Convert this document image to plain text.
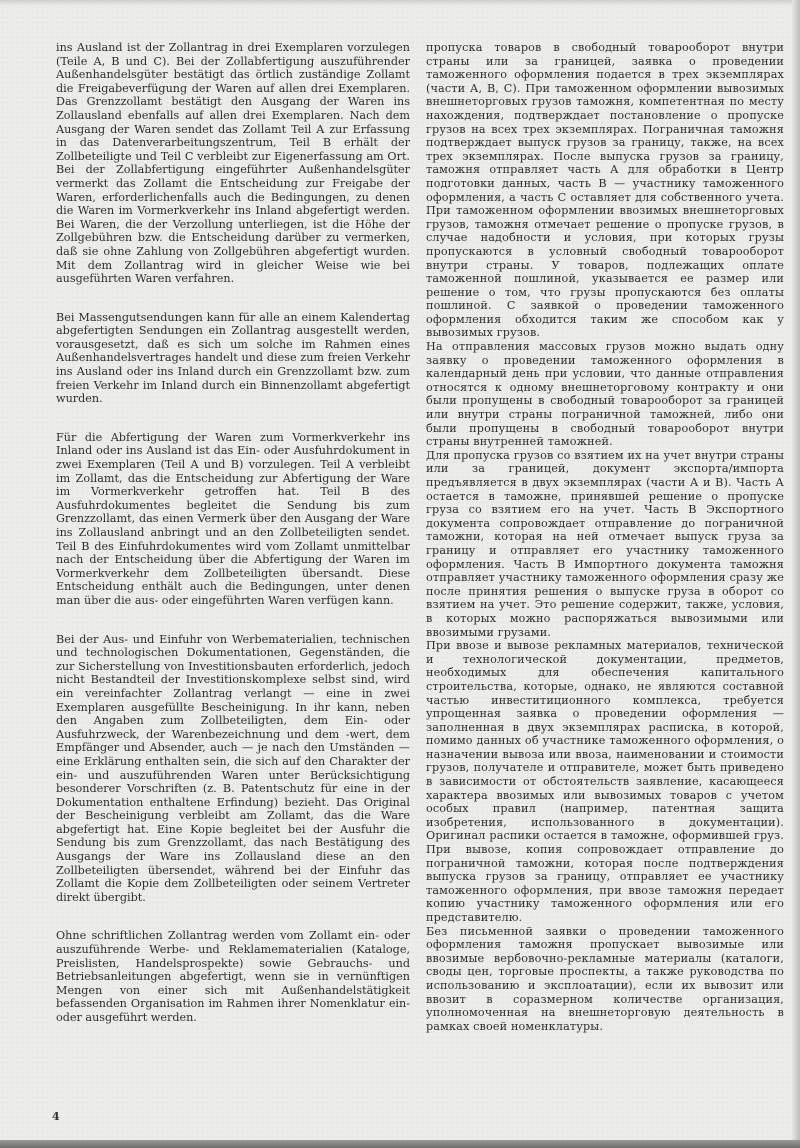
ins Ausland ist der Zollantrag in drei Exemplaren vorzulegen (Teile A, B und C). Bei der Zollabfertigung auszuführender Außenhandelsgüter bestätigt das örtlich zuständige Zollamt die Freigabeverfügung der Waren auf allen drei Exemplaren. Das Grenzzollamt bestätigt den Ausgang der Waren ins Zollausland ebenfalls auf allen drei Exemplaren. Nach dem Ausgang der Waren sendet das Zollamt Teil A zur Erfassung in das Datenverarbeitungszentrum, Teil B erhält der Zollbeteiligte und Teil C verbleibt zur Eigenerfassung am Ort. Bei der Zollabfertigung eingeführter Außenhandelsgüter vermerkt das Zollamt die Entscheidung zur Freigabe der Waren, erforderlichenfalls auch die Bedingungen, zu denen die Waren im Vormerkverkehr ins Inland abgefertigt werden. Bei Waren, die der Verzollung unterliegen, ist die Höhe der Zollgebühren bzw. die Entscheidung darüber zu vermerken, daß sie ohne Zahlung von Zollgebühren abgefertigt wurden. Mit dem Zollantrag wird in gleicher Weise wie bei ausgeführten Waren verfahren.

Bei Massengutsendungen kann für alle an einem Kalendertag abgefertigten Sendungen ein Zollantrag ausgestellt werden, vorausgesetzt, daß es sich um solche im Rahmen eines Außenhandelsvertrages handelt und diese zum freien Verkehr ins Ausland oder ins Inland durch ein Grenzzollamt bzw. zum freien Verkehr im Inland durch ein Binnenzollamt abgefertigt wurden.

Für die Abfertigung der Waren zum Vormerkverkehr ins Inland oder ins Ausland ist das Ein- oder Ausfuhrdokument in zwei Exemplaren (Teil A und B) vorzulegen. Teil A verbleibt im Zollamt, das die Entscheidung zur Abfertigung der Ware im Vormerkverkehr getroffen hat. Teil B des Ausfuhrdokumentes begleitet die Sendung bis zum Grenzzollamt, das einen Vermerk über den Ausgang der Ware ins Zollausland anbringt und an den Zollbeteiligten sendet. Teil B des Einfuhrdokumentes wird vom Zollamt unmittelbar nach der Entscheidung über die Abfertigung der Waren im Vormerkverkehr dem Zollbeteiligten übersandt. Diese Entscheidung enthält auch die Bedingungen, unter denen man über die aus- oder eingeführten Waren verfügen kann.

Bei der Aus- und Einfuhr von Werbematerialien, technischen und technologischen Dokumentationen, Gegenständen, die zur Sicherstellung von Investitionsbauten erforderlich, jedoch nicht Bestandteil der Investitionskomplexe selbst sind, wird ein vereinfachter Zollantrag verlangt — eine in zwei Exemplaren ausgefüllte Bescheinigung. In ihr kann, neben den Angaben zum Zollbeteiligten, dem Ein- oder Ausfuhrzweck, der Warenbezeichnung und dem -wert, dem Empfänger und Absender, auch — je nach den Umständen — eine Erklärung enthalten sein, die sich auf den Charakter der ein- und auszuführenden Waren unter Berücksichtigung besonderer Vorschriften (z. B. Patentschutz für eine in der Dokumentation enthaltene Erfindung) bezieht. Das Original der Bescheinigung verbleibt am Zollamt, das die Ware abgefertigt hat. Eine Kopie begleitet bei der Ausfuhr die Sendung bis zum Grenzzollamt, das nach Bestätigung des Ausgangs der Ware ins Zollausland diese an den Zollbeteiligten übersendet, während bei der Einfuhr das Zollamt die Kopie dem Zollbeteiligten oder seinem Vertreter direkt übergibt.

Ohne schriftlichen Zollantrag werden vom Zollamt ein- oder auszuführende Werbe- und Reklamematerialien (Kataloge, Preislisten, Handelsprospekte) sowie Gebrauchs- und Betriebsanleitungen abgefertigt, wenn sie in vernünftigen Mengen von einer sich mit Außenhandelstätigkeit befassenden Organisation im Rahmen ihrer Nomenklatur ein- oder ausgeführt werden.

пропуска товаров в свободный товарооборот внутри страны или за границей, заявка о проведении таможенного оформления подается в трех экземплярах (части А, В, С). При таможенном оформлении вывозимых внешнеторговых грузов таможня, компетентная по месту нахождения, подтверждает постановление о пропуске грузов на всех трех экземплярах. Пограничная таможня подтверждает выпуск грузов за границу, также, на всех трех экземплярах. После выпуска грузов за границу, таможня отправляет часть А для обработки в Центр подготовки данных, часть В — участнику таможенного оформления, а часть С оставляет для собственного учета. При таможенном оформлении ввозимых внешнеторговых грузов, таможня отмечает решение о пропуске грузов, в случае надобности и условия, при которых грузы пропускаются в условный свободный товарооборот внутри страны. У товаров, подлежащих оплате таможенной пошлиной, указывается ее размер или решение о том, что грузы пропускаются без оплаты пошлиной. С заявкой о проведении таможенного оформления обходится таким же способом как у вывозимых грузов.

На отправления массовых грузов можно выдать одну заявку о проведении таможенного оформления в календарный день при условии, что данные отправления относятся к одному внешнеторговому контракту и они были пропущены в свободный товарооборот за границей или внутри страны пограничной таможней, либо они были пропущены в свободный товарооборот внутри страны внутренней таможней.

Для пропуска грузов со взятием их на учет внутри страны или за границей, документ экспорта/импорта предъявляется в двух экземплярах (части А и В). Часть А остается в таможне, принявшей решение о пропуске груза со взятием его на учет. Часть В Экспортного документа сопровождает отправление до пограничной таможни, которая на ней отмечает выпуск груза за границу и отправляет его участнику таможенного оформления. Часть В Импортного документа таможня отправляет участнику таможенного оформления сразу же после принятия решения о выпуске груза в оборот со взятием на учет. Это решение содержит, также, условия, в которых можно распоряжаться вывозимыми или ввозимыми грузами.

При ввозе и вывозе рекламных материалов, технической и технологической документации, предметов, необходимых для обеспечения капитального строительства, которые, однако, не являются составной частью инвеститиционного комплекса, требуется упрощенная заявка о проведении оформления — заполненная в двух экземплярах расписка, в которой, помимо данных об участнике таможенного оформления, о назначении вывоза или ввоза, наименовании и стоимости грузов, получателе и отправителе, может быть приведено в зависимости от обстоятельств заявление, касающееся характера ввозимых или вывозимых товаров с учетом особых правил (например, патентная защита изобретения, использованного в документации). Оригинал распики остается в таможне, оформившей груз. При вывозе, копия сопровождает отправление до пограничной таможни, которая после подтверждения выпуска грузов за границу, отправляет ее участнику таможенного оформления, при ввозе таможня передает копию участнику таможенного оформления или его представителю.

Без письменной заявки о проведении таможенного оформления таможня пропускает вывозимые или ввозимые вербовочно-рекламные материалы (каталоги, своды цен, торговые проспекты, а также руководства по использованию и эксплоатации), если их вывозит или ввозит в соразмерном количестве организация, уполномоченная на внешнеторговую деятельность в рамках своей номенклатуры.

4
